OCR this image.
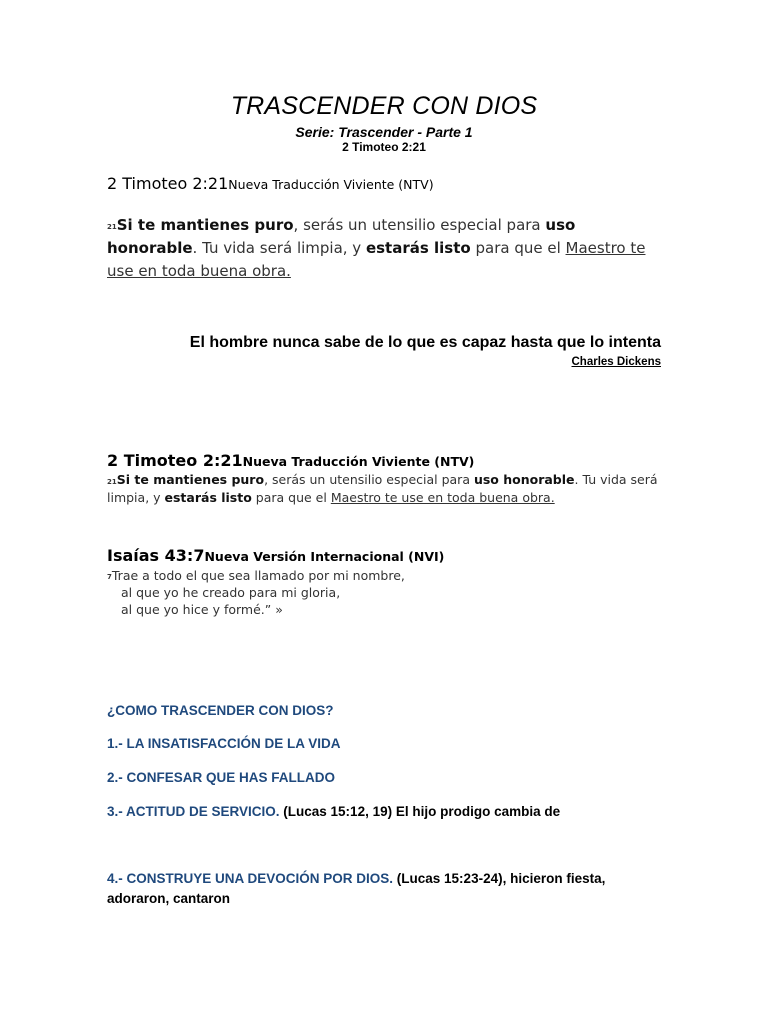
TRASCENDER CON DIOS
Serie: Trascender - Parte 1
2 Timoteo 2:21
2 Timoteo 2:21Nueva Traducción Viviente (NTV)
$^{21}$Si te mantienes puro, serás un utensilio especial para uso honorable. Tu vida será limpia, y estarás listo para que el Maestro te use en toda buena obra.
El hombre nunca sabe de lo que es capaz hasta que lo intenta
Charles Dickens
2 Timoteo 2:21Nueva Traducción Viviente (NTV)
$^{21}$Si te mantienes puro, serás un utensilio especial para uso honorable. Tu vida será limpia, y estarás listo para que el Maestro te use en toda buena obra.
Isaías 43:7Nueva Versión Internacional (NVI)
$^7$Trae a todo el que sea llamado por mi nombre,
al que yo he creado para mi gloria,
al que yo hice y formé.” »
¿COMO TRASCENDER CON DIOS?
1.- LA INSATISFACCIÓN DE LA VIDA
2.- CONFESAR QUE HAS FALLADO
3.- ACTITUD DE SERVICIO. (Lucas 15:12, 19) El hijo prodigo cambia de
4.- CONSTRUYE UNA DEVOCIÓN POR DIOS. (Lucas 15:23-24), hicieron fiesta, adoraron, cantaron
